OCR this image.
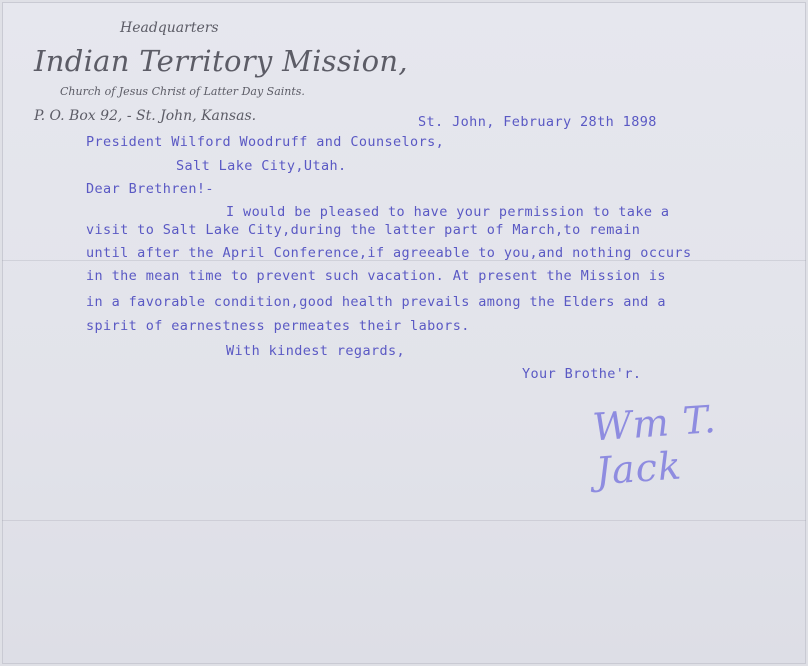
Headquarters
Indian Territory Mission,
Church of Jesus Christ of Latter Day Saints.
P. O. Box 92, - St. John, Kansas.	St. John, February 28th 1898
President Wilford Woodruff and Counselors,
Salt Lake City,Utah.
Dear Brethren!-
I would be pleased to have your permission to take a
visit to Salt Lake City,during the latter part of March,to remain
until after the April Conference,if agreeable to you,and nothing occurs
in the mean time to prevent such vacation. At present the Mission is
in a favorable condition,good health prevails among the Elders and a
spirit of earnestness permeates their labors.
With kindest regards,
Your Brothe'r.
Wm T. Jack
